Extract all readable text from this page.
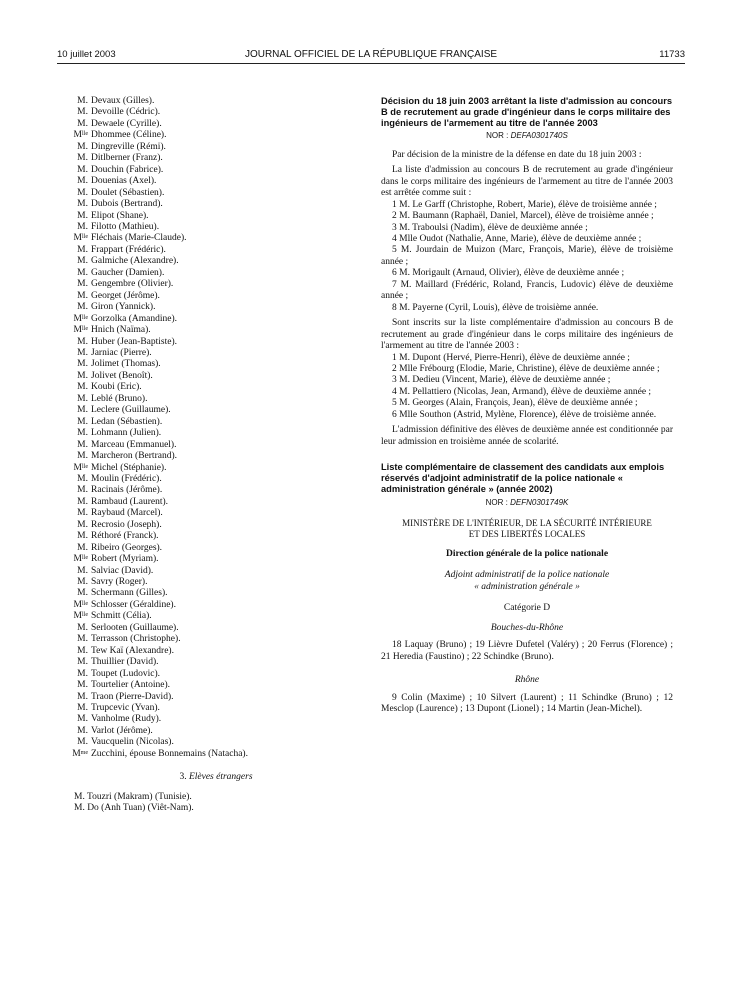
10 juillet 2003	JOURNAL OFFICIEL DE LA RÉPUBLIQUE FRANÇAISE	11733
M. Devaux (Gilles).
M. Devoille (Cédric).
M. Dewaele (Cyrille).
$M^{lle}$ Dhommee (Céline).
M. Dingreville (Rémi).
M. Ditlberner (Franz).
M. Douchin (Fabrice).
M. Douenias (Axel).
M. Doulet (Sébastien).
M. Dubois (Bertrand).
M. Elipot (Shane).
M. Filotto (Mathieu).
$M^{lle}$ Fléchais (Marie-Claude).
M. Frappart (Frédéric).
M. Galmiche (Alexandre).
M. Gaucher (Damien).
M. Gengembre (Olivier).
M. Georget (Jérôme).
M. Giron (Yannick).
$M^{lle}$ Gorzolka (Amandine).
$M^{lle}$ Hnich (Naïma).
M. Huber (Jean-Baptiste).
M. Jarniac (Pierre).
M. Jolimet (Thomas).
M. Jolivet (Benoît).
M. Koubi (Eric).
M. Leblé (Bruno).
M. Leclere (Guillaume).
M. Ledan (Sébastien).
M. Lohmann (Julien).
M. Marceau (Emmanuel).
M. Marcheron (Bertrand).
$M^{lle}$ Michel (Stéphanie).
M. Moulin (Frédéric).
M. Racinais (Jérôme).
M. Rambaud (Laurent).
M. Raybaud (Marcel).
M. Recrosio (Joseph).
M. Réthoré (Franck).
M. Ribeiro (Georges).
$M^{lle}$ Robert (Myriam).
M. Salviac (David).
M. Savry (Roger).
M. Schermann (Gilles).
$M^{lle}$ Schlosser (Géraldine).
$M^{lle}$ Schmitt (Célia).
M. Serlooten (Guillaume).
M. Terrasson (Christophe).
M. Tew Kaï (Alexandre).
M. Thuillier (David).
M. Toupet (Ludovic).
M. Tourtelier (Antoine).
M. Traon (Pierre-David).
M. Trupcevic (Yvan).
M. Vanholme (Rudy).
M. Varlot (Jérôme).
M. Vaucquelin (Nicolas).
$M^{me}$ Zucchini, épouse Bonnemains (Natacha).
3. Elèves étrangers
M. Touzri (Makram) (Tunisie).
M. Do (Anh Tuan) (Viêt-Nam).
Décision du 18 juin 2003 arrêtant la liste d'admission au concours B de recrutement au grade d'ingénieur dans le corps militaire des ingénieurs de l'armement au titre de l'année 2003
NOR : DEFA0301740S

Par décision de la ministre de la défense en date du 18 juin 2003 :

La liste d'admission au concours B de recrutement au grade d'ingénieur dans le corps militaire des ingénieurs de l'armement au titre de l'année 2003 est arrêtée comme suit :

1 M. Le Garff (Christophe, Robert, Marie), élève de troisième année ;

2 M. Baumann (Raphaël, Daniel, Marcel), élève de troisième année ;

3 M. Traboulsi (Nadim), élève de deuxième année ;

4 Mlle Oudot (Nathalie, Anne, Marie), élève de deuxième année ;

5 M. Jourdain de Muizon (Marc, François, Marie), élève de troisième année ;

6 M. Morigault (Arnaud, Olivier), élève de deuxième année ;

7 M. Maillard (Frédéric, Roland, Francis, Ludovic) élève de deuxième année ;

8 M. Payerne (Cyril, Louis), élève de troisième année.

Sont inscrits sur la liste complémentaire d'admission au concours B de recrutement au grade d'ingénieur dans le corps militaire des ingénieurs de l'armement au titre de l'année 2003 :

1 M. Dupont (Hervé, Pierre-Henri), élève de deuxième année ;

2 Mlle Frébourg (Elodie, Marie, Christine), élève de deuxième année ;

3 M. Dedieu (Vincent, Marie), élève de deuxième année ;

4 M. Pellattiero (Nicolas, Jean, Armand), élève de deuxième année ;

5 M. Georges (Alain, François, Jean), élève de deuxième année ;

6 Mlle Southon (Astrid, Mylène, Florence), élève de troisième année.

L'admission définitive des élèves de deuxième année est conditionnée par leur admission en troisième année de scolarité.

Liste complémentaire de classement des candidats aux emplois réservés d'adjoint administratif de la police nationale « administration générale » (année 2002)
NOR : DEFN0301749K
MINISTÈRE DE L'INTÉRIEUR, DE LA SÉCURITÉ INTÉRIEURE
ET DES LIBERTÉS LOCALES
Direction générale de la police nationale
Adjoint administratif de la police nationale
« administration générale »
Catégorie D
Bouches-du-Rhône

18 Laquay (Bruno) ; 19 Lièvre Dufetel (Valéry) ; 20 Ferrus (Florence) ; 21 Heredia (Faustino) ; 22 Schindke (Bruno).

Rhône

9 Colin (Maxime) ; 10 Silvert (Laurent) ; 11 Schindke (Bruno) ; 12 Mesclop (Laurence) ; 13 Dupont (Lionel) ; 14 Martin (Jean-Michel).
